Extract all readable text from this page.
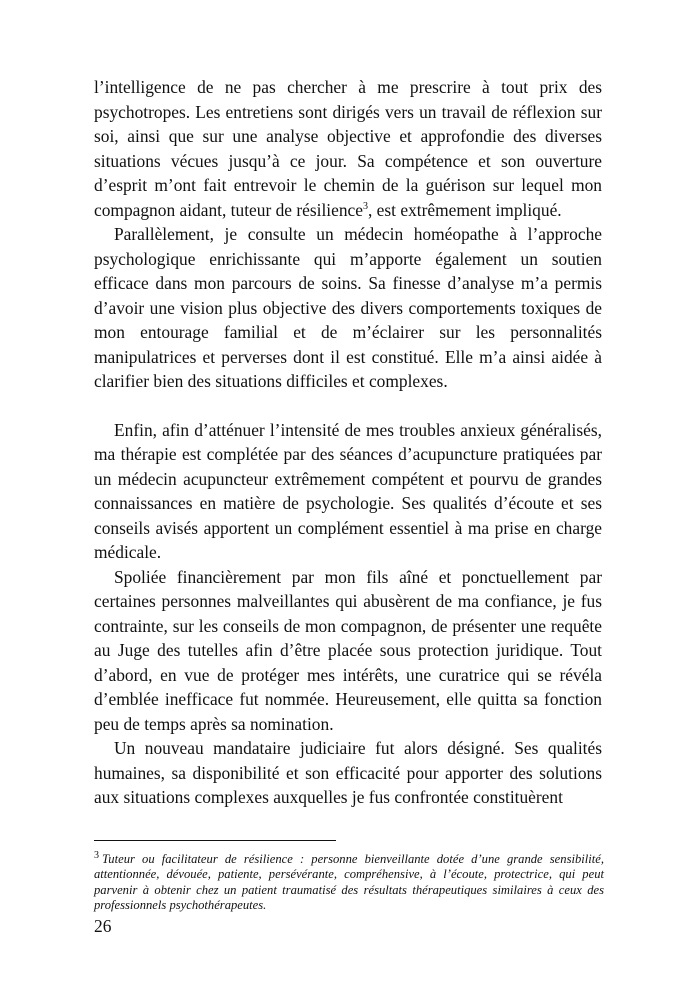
l’intelligence de ne pas chercher à me prescrire à tout prix des psychotropes. Les entretiens sont dirigés vers un travail de réflexion sur soi, ainsi que sur une analyse objective et approfondie des diverses situations vécues jusqu’à ce jour. Sa compétence et son ouverture d’esprit m’ont fait entrevoir le chemin de la guérison sur lequel mon compagnon aidant, tuteur de résilience$^3$, est extrêmement impliqué.

Parallèlement, je consulte un médecin homéopathe à l’approche psychologique enrichissante qui m’apporte également un soutien efficace dans mon parcours de soins. Sa finesse d’analyse m’a permis d’avoir une vision plus objective des divers comportements toxiques de mon entourage familial et de m’éclairer sur les personnalités manipulatrices et perverses dont il est constitué. Elle m’a ainsi aidée à clarifier bien des situations difficiles et complexes.

Enfin, afin d’atténuer l’intensité de mes troubles anxieux généralisés, ma thérapie est complétée par des séances d’acupuncture pratiquées par un médecin acupuncteur extrêmement compétent et pourvu de grandes connaissances en matière de psychologie. Ses qualités d’écoute et ses conseils avisés apportent un complément essentiel à ma prise en charge médicale.

Spoliée financièrement par mon fils aîné et ponctuellement par certaines personnes malveillantes qui abusèrent de ma confiance, je fus contrainte, sur les conseils de mon compagnon, de présenter une requête au Juge des tutelles afin d’être placée sous protection juridique. Tout d’abord, en vue de protéger mes intérêts, une curatrice qui se révéla d’emblée inefficace fut nommée. Heureusement, elle quitta sa fonction peu de temps après sa nomination.

Un nouveau mandataire judiciaire fut alors désigné. Ses qualités humaines, sa disponibilité et son efficacité pour apporter des solutions aux situations complexes auxquelles je fus confrontée constituèrent

$^3$ Tuteur ou facilitateur de résilience : personne bienveillante dotée d’une grande sensibilité, attentionnée, dévouée, patiente, persévérante, compréhensive, à l’écoute, protectrice, qui peut parvenir à obtenir chez un patient traumatisé des résultats thérapeutiques similaires à ceux des professionnels psychothérapeutes.

26
